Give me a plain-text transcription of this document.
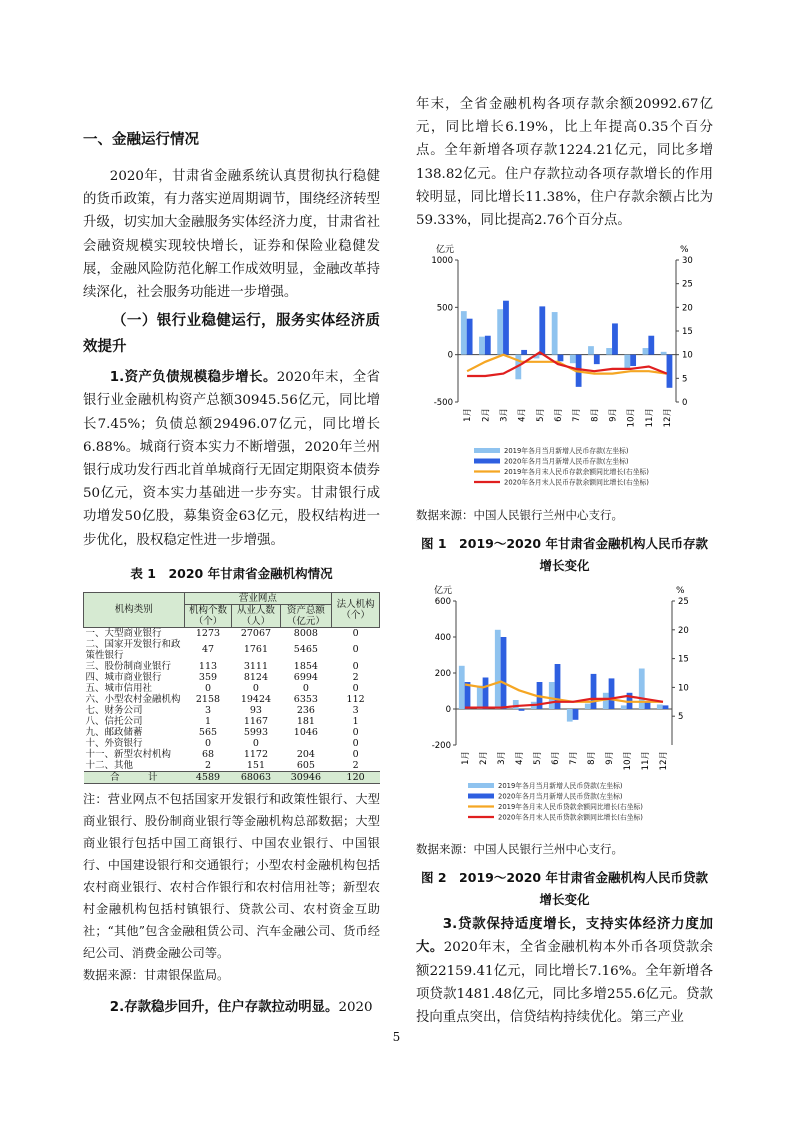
一、金融运行情况

2020年，甘肃省金融系统认真贯彻执行稳健的货币政策，有力落实逆周期调节，围绕经济转型升级，切实加大金融服务实体经济力度，甘肃省社会融资规模实现较快增长，证券和保险业稳健发展，金融风险防范化解工作成效明显，金融改革持续深化，社会服务功能进一步增强。

（一）银行业稳健运行，服务实体经济质效提升

1.资产负债规模稳步增长。2020年末，全省银行业金融机构资产总额30945.56亿元，同比增长7.45%；负债总额29496.07亿元，同比增长6.88%。城商行资本实力不断增强，2020年兰州银行成功发行西北首单城商行无固定期限资本债券50亿元，资本实力基础进一步夯实。甘肃银行成功增发50亿股，募集资金63亿元，股权结构进一步优化，股权稳定性进一步增强。

表 1　2020 年甘肃省金融机构情况
机构类别	营业网点			法人机构（个）
	机构个数（个）	从业人数（人）	资产总额（亿元）	
一、大型商业银行	1273	27067	8008	0
二、国家开发银行和政策性银行	47	1761	5465	0
三、股份制商业银行	113	3111	1854	0
四、城市商业银行	359	8124	6994	2
五、城市信用社	0	0	0	0
六、小型农村金融机构	2158	19424	6353	112
七、财务公司	3	93	236	3
八、信托公司	1	1167	181	1
九、邮政储蓄	565	5993	1046	0
十、外资银行	0	0		0
十一、新型农村机构	68	1172	204	0
十二、其他	2	151	605	2
合　　　计	4589	68063	30946	120

注：营业网点不包括国家开发银行和政策性银行、大型商业银行、股份制商业银行等金融机构总部数据；大型商业银行包括中国工商银行、中国农业银行、中国银行、中国建设银行和交通银行；小型农村金融机构包括农村商业银行、农村合作银行和农村信用社等；新型农村金融机构包括村镇银行、贷款公司、农村资金互助社；“其他”包含金融租赁公司、汽车金融公司、货币经纪公司、消费金融公司等。

数据来源：甘肃银保监局。

2.存款稳步回升，住户存款拉动明显。2020

年末，全省金融机构各项存款余额20992.67亿元，同比增长6.19%，比上年提高0.35个百分点。全年新增各项存款1224.21亿元，同比多增138.82亿元。住户存款拉动各项存款增长的作用较明显，同比增长11.38%，住户存款余额占比为59.33%，同比提高2.76个百分点。

亿元	%
1000
500
0
-500
30
25
20
15
10
5
0
1月 2月 3月 4月 5月 6月 7月 8月 9月 10月 11月 12月
2019年各月当月新增人民币存款(左坐标)
2020年各月当月新增人民币存款(左坐标)
2019年各月末人民币存款余额同比增长(右坐标)
2020年各月末人民币存款余额同比增长(右坐标)
数据来源：中国人民银行兰州中心支行。
图 1　2019～2020 年甘肃省金融机构人民币存款增长变化
亿元	%
600
400
200
0
-200
25
20
15
10
5
1月 2月 3月 4月 5月 6月 7月 8月 9月 10月 11月 12月
2019年各月当月新增人民币贷款(左坐标)
2020年各月当月新增人民币贷款(左坐标)
2019年各月末人民币贷款余额同比增长(右坐标)
2020年各月末人民币贷款余额同比增长(右坐标)
数据来源：中国人民银行兰州中心支行。
图 2　2019～2020 年甘肃省金融机构人民币贷款增长变化

3.贷款保持适度增长，支持实体经济力度加大。2020年末，全省金融机构本外币各项贷款余额22159.41亿元，同比增长7.16%。全年新增各项贷款1481.48亿元，同比多增255.6亿元。贷款投向重点突出，信贷结构持续优化。第三产业

5
